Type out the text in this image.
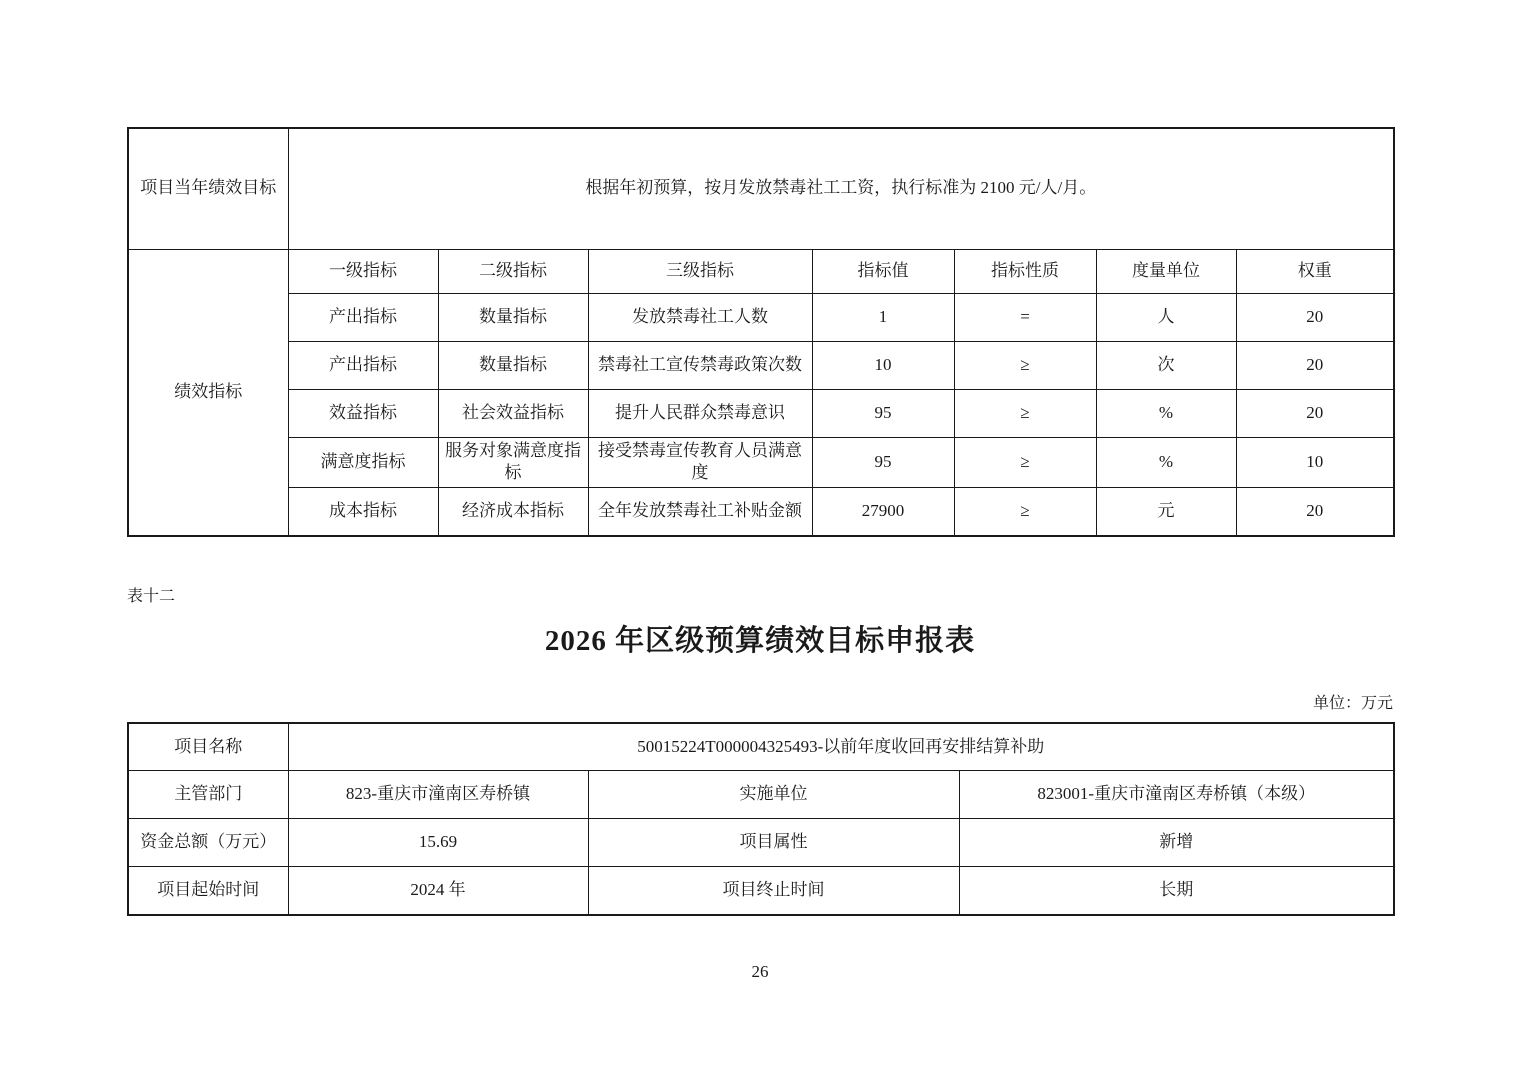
项目当年绩效目标	根据年初预算，按月发放禁毒社工工资，执行标准为 2100 元/人/月。						
绩效指标	一级指标	二级指标	三级指标	指标值	指标性质	度量单位	权重
	产出指标	数量指标	发放禁毒社工人数	1	=	人	20
	产出指标	数量指标	禁毒社工宣传禁毒政策次数	10	≥	次	20
	效益指标	社会效益指标	提升人民群众禁毒意识	95	≥	%	20
	满意度指标	服务对象满意度指标	接受禁毒宣传教育人员满意度	95	≥	%	10
	成本指标	经济成本指标	全年发放禁毒社工补贴金额	27900	≥	元	20
表十二
2026 年区级预算绩效目标申报表
单位：万元
项目名称	50015224T000004325493-以前年度收回再安排结算补助		
主管部门	823-重庆市潼南区寿桥镇	实施单位	823001-重庆市潼南区寿桥镇（本级）
资金总额（万元）	15.69	项目属性	新增
项目起始时间	2024 年	项目终止时间	长期
26
